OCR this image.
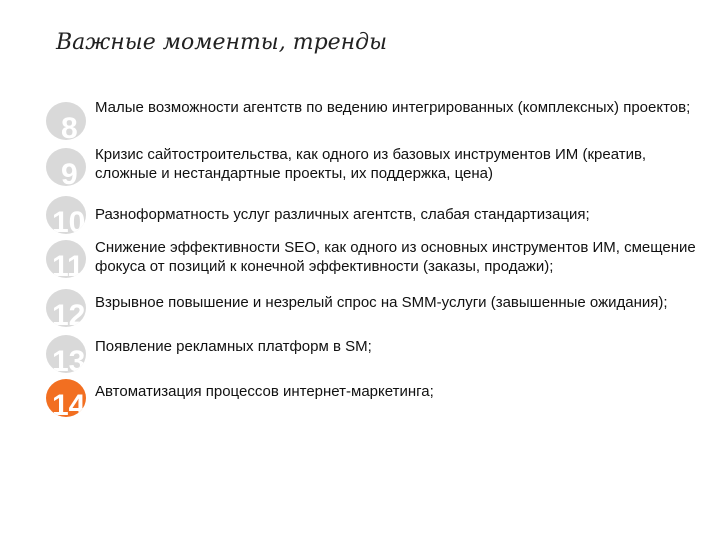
Важные моменты, тренды
8

Малые возможности агентств по ведению интегрированных (комплексных) проектов;

9

Кризис сайтостроительства, как одного из базовых инструментов ИМ (креатив, сложные и нестандартные проекты, их поддержка, цена)

10 Разноформатность услуг различных агентств, слабая стандартизация;

11

Снижение эффективности SEO, как одного из основных инструментов ИМ, смещение фокуса от позиций к конечной эффективности (заказы, продажи);

12 Взрывное повышение и незрелый спрос на SMM-услуги (завышенные ожидания);

13 Появление рекламных платформ в SM;

14 Автоматизация процессов интернет-маркетинга;
